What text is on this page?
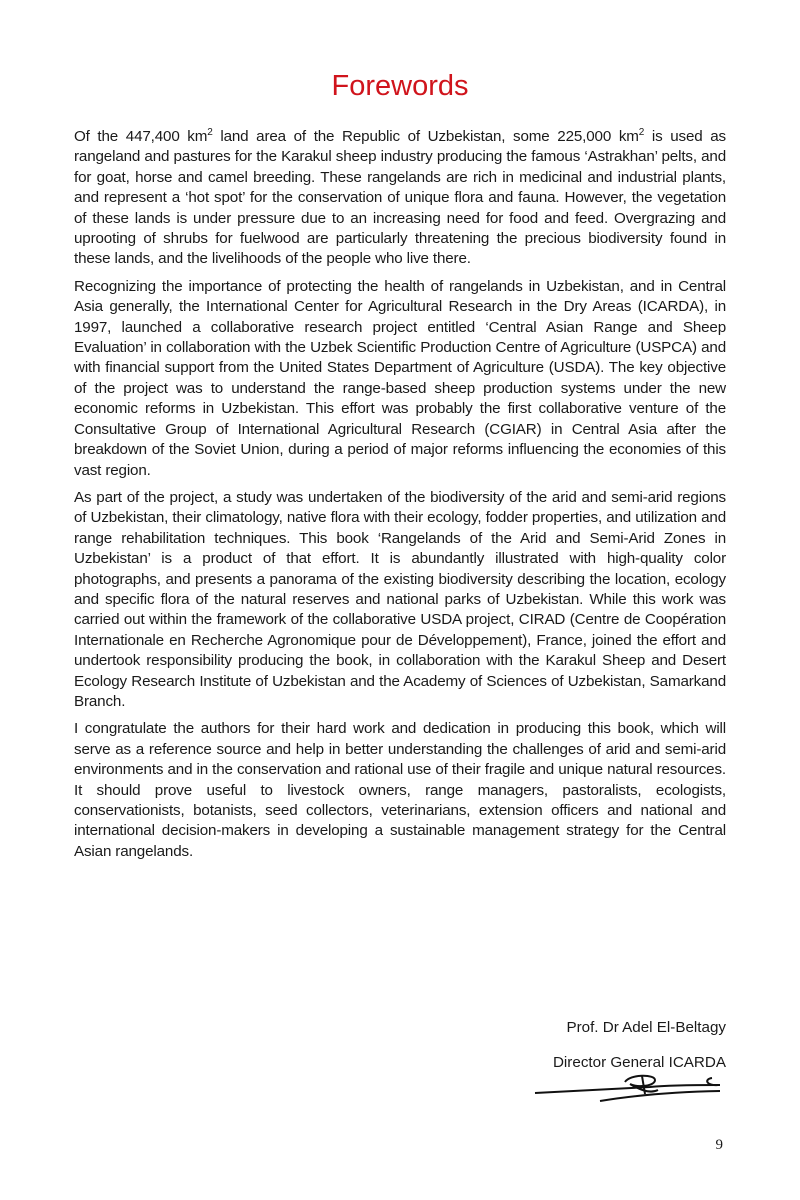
Forewords

Of the 447,400 $km^2$ land area of the Republic of Uzbekistan, some 225,000 $km^2$ is used as rangeland and pastures for the Karakul sheep industry producing the famous ‘Astrakhan’ pelts, and for goat, horse and camel breeding. These rangelands are rich in medicinal and industrial plants, and represent a ‘hot spot’ for the conservation of unique flora and fauna. However, the vegetation of these lands is under pressure due to an increasing need for food and feed. Overgrazing and uprooting of shrubs for fuelwood are particularly threatening the precious biodiversity found in these lands, and the livelihoods of the people who live there.

Recognizing the importance of protecting the health of rangelands in Uzbekistan, and in Central Asia generally, the International Center for Agricultural Research in the Dry Areas (ICARDA), in 1997, launched a collaborative research project entitled ‘Central Asian Range and Sheep Evaluation’ in collaboration with the Uzbek Scientific Production Centre of Agriculture (USPCA) and with financial support from the United States Department of Agriculture (USDA). The key objective of the project was to understand the range-based sheep production systems under the new economic reforms in Uzbekistan. This effort was probably the first collaborative venture of the Consultative Group of International Agricultural Research (CGIAR) in Central Asia after the breakdown of the Soviet Union, during a period of major reforms influencing the economies of this vast region.

As part of the project, a study was undertaken of the biodiversity of the arid and semi-arid regions of Uzbekistan, their climatology, native flora with their ecology, fodder properties, and utilization and range rehabilitation techniques. This book ‘Rangelands of the Arid and Semi-Arid Zones in Uzbekistan’ is a product of that effort. It is abundantly illustrated with high-quality color photographs, and presents a panorama of the existing biodiversity describing the location, ecology and specific flora of the natural reserves and national parks of Uzbekistan. While this work was carried out within the framework of the collaborative USDA project, CIRAD (Centre de Coopération Internationale en Recherche Agronomique pour de Développement), France, joined the effort and undertook responsibility producing the book, in collaboration with the Karakul Sheep and Desert Ecology Research Institute of Uzbekistan and the Academy of Sciences of Uzbekistan, Samarkand Branch.

I congratulate the authors for their hard work and dedication in producing this book, which will serve as a reference source and help in better understanding the challenges of arid and semi-arid environments and in the conservation and rational use of their fragile and unique natural resources. It should prove useful to livestock owners, range managers, pastoralists, ecologists, conservationists, botanists, seed collectors, veterinarians, extension officers and national and international decision-makers in developing a sustainable management strategy for the Central Asian rangelands.

Prof. Dr Adel El-Beltagy
Director General ICARDA
9
